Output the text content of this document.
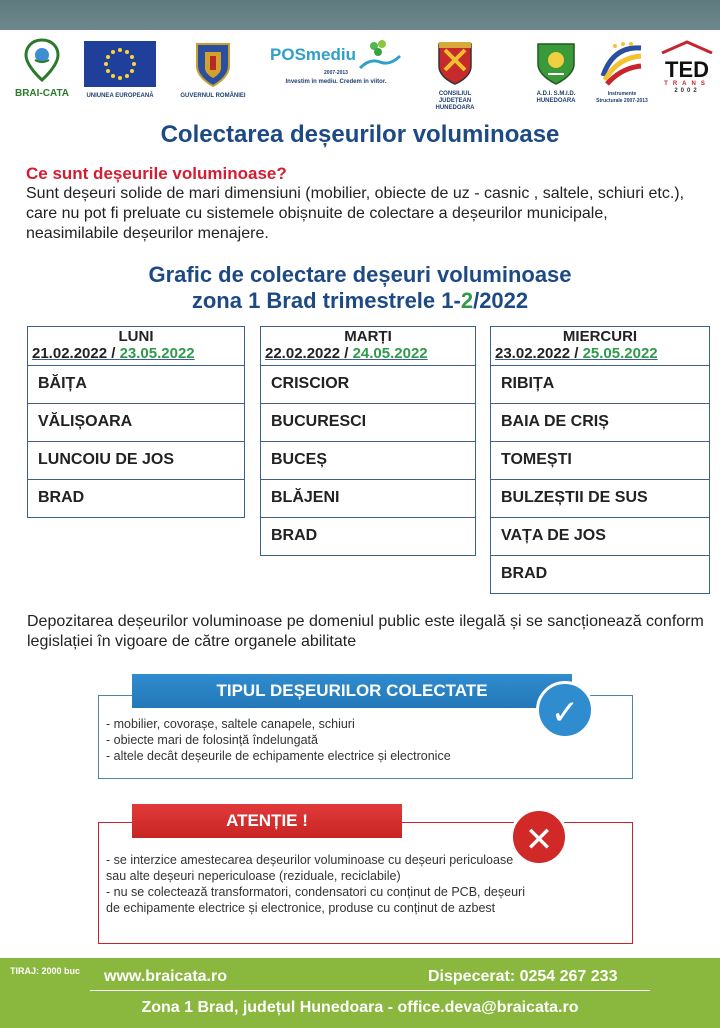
BRAI-CATA	UNIUNEA EUROPEANĂ	GUVERNUL ROMÂNIEI
POSmediu
2007-2013
Investim în mediu. Credem în viitor.
CONSILIUL JUDEȚEAN HUNEDOARA
A.D.I. S.M.I.D. HUNEDOARA
Instrumente Structurale 2007-2013
TED
TRANS
2002
Colectarea deșeurilor voluminoase
Ce sunt deșeurile voluminoase?

Sunt deșeuri solide de mari dimensiuni (mobilier, obiecte de uz - casnic , saltele, schiuri etc.), care nu pot fi preluate cu sistemele obișnuite de colectare a deșeurilor municipale, neasimilabile deșeurilor menajere.

Grafic de colectare deșeuri voluminoase
zona 1 Brad trimestrele 1-2/2022
LUNI
21.02.2022 / 23.05.2022
BĂIȚA
VĂLIȘOARA
LUNCOIU DE JOS
BRAD
MARȚI
22.02.2022 / 24.05.2022
CRISCIOR
BUCURESCI
BUCEȘ
BLĂJENI
BRAD
MIERCURI
23.02.2022 / 25.05.2022
RIBIȚA
BAIA DE CRIȘ
TOMEȘTI
BULZEȘTII DE SUS
VAȚA DE JOS
BRAD

Depozitarea deșeurilor voluminoase pe domeniul public este ilegală și se sancționează conform legislației în vigoare de către organele abilitate

TIPUL DEȘEURILOR COLECTATE
✓
- mobilier, covorașe, saltele canapele, schiuri
- obiecte mari de folosință îndelungată
- altele decât deșeurile de echipamente electrice și electronice
ATENȚIE !
✕
- se interzice amestecarea deșeurilor voluminoase cu deșeuri periculoase sau alte deșeuri nepericuloase (reziduale, reciclabile)
- nu se colectează transformatori, condensatori cu conținut de PCB, deșeuri de echipamente electrice și electronice, produse cu conținut de azbest
TIRAJ: 2000 buc www.braicata.ro	Dispecerat: 0254 267 233
Zona 1 Brad, județul Hunedoara - office.deva@braicata.ro
